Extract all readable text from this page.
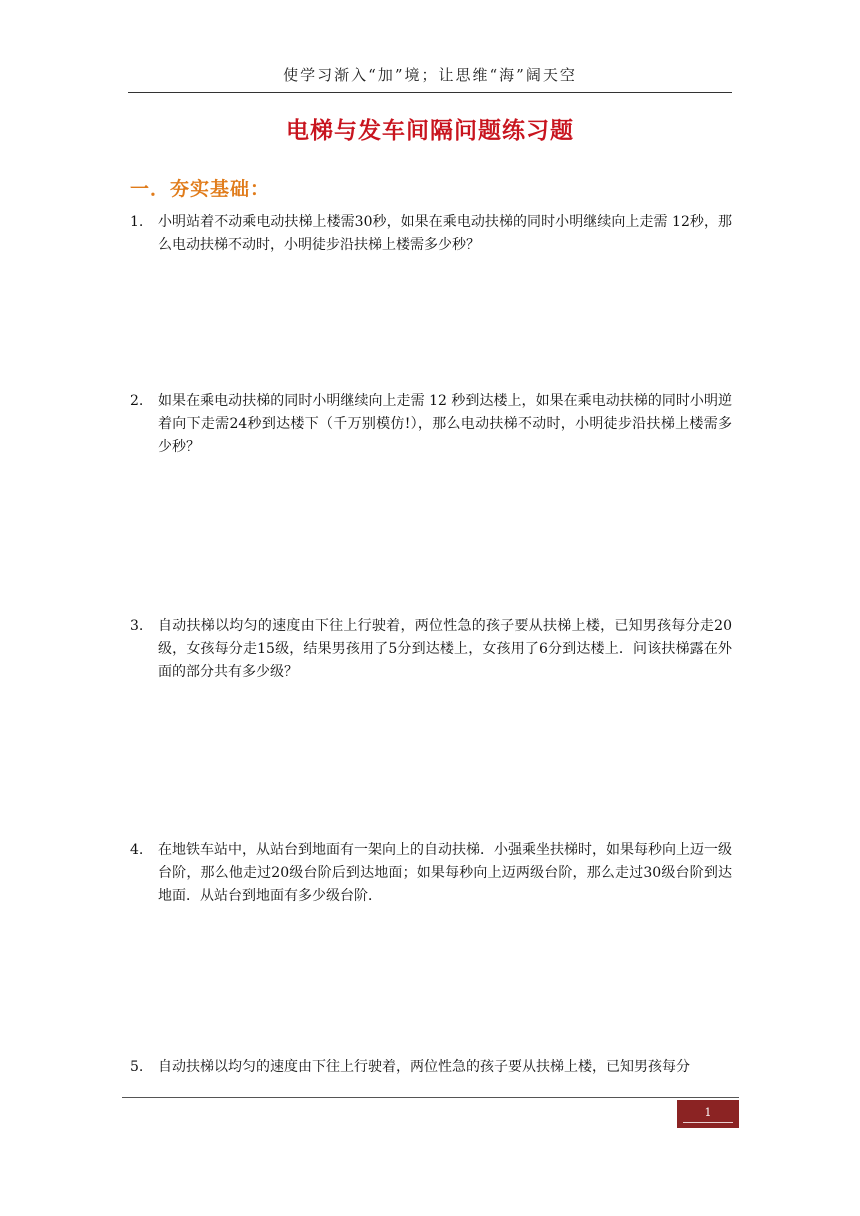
使学习渐入“加”境；让思维“海”阔天空
电梯与发车间隔问题练习题
一．夯实基础：
1.	小明站着不动乘电动扶梯上楼需30秒，如果在乘电动扶梯的同时小明继续向上走需 12秒，那么电动扶梯不动时，小明徒步沿扶梯上楼需多少秒？
2.	如果在乘电动扶梯的同时小明继续向上走需 12 秒到达楼上，如果在乘电动扶梯的同时小明逆着向下走需24秒到达楼下（千万别模仿!），那么电动扶梯不动时，小明徒步沿扶梯上楼需多少秒？
3.	自动扶梯以均匀的速度由下往上行驶着，两位性急的孩子要从扶梯上楼，已知男孩每分走20级，女孩每分走15级，结果男孩用了5分到达楼上，女孩用了6分到达楼上．问该扶梯露在外面的部分共有多少级？
4.	在地铁车站中，从站台到地面有一架向上的自动扶梯．小强乘坐扶梯时，如果每秒向上迈一级台阶，那么他走过20级台阶后到达地面；如果每秒向上迈两级台阶，那么走过30级台阶到达地面．从站台到地面有多少级台阶．
5.	自动扶梯以均匀的速度由下往上行驶着，两位性急的孩子要从扶梯上楼，已知男孩每分
1
